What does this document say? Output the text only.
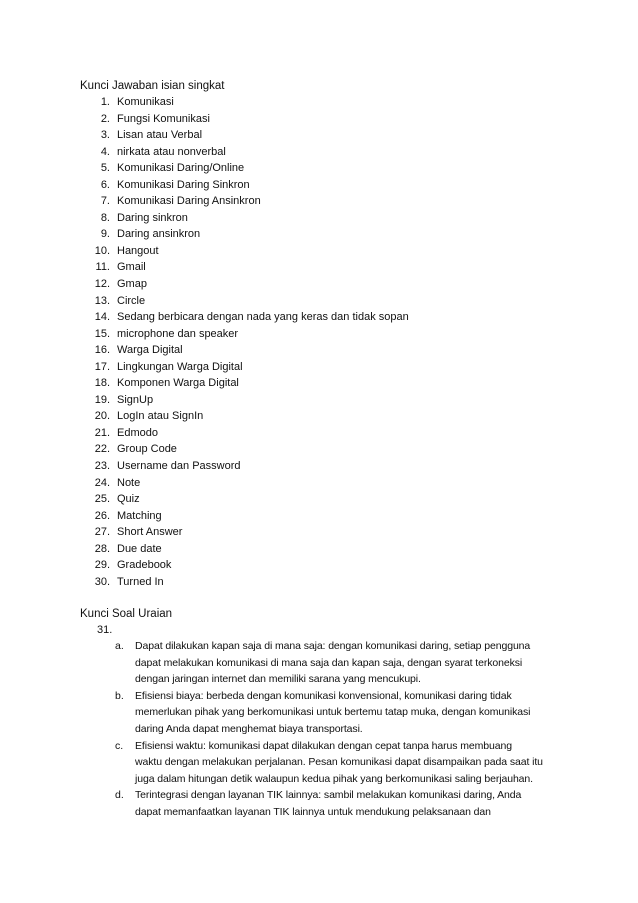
Kunci Jawaban isian singkat
1. Komunikasi
2. Fungsi Komunikasi
3. Lisan atau Verbal
4. nirkata atau nonverbal
5. Komunikasi Daring/Online
6. Komunikasi Daring Sinkron
7. Komunikasi Daring Ansinkron
8. Daring sinkron
9. Daring ansinkron
10. Hangout
11. Gmail
12. Gmap
13. Circle
14. Sedang berbicara dengan nada yang keras dan tidak sopan
15. microphone dan speaker
16. Warga Digital
17. Lingkungan Warga Digital
18. Komponen Warga Digital
19. SignUp
20. LogIn atau SignIn
21. Edmodo
22. Group Code
23. Username dan Password
24. Note
25. Quiz
26. Matching
27. Short Answer
28. Due date
29. Gradebook
30. Turned In
Kunci Soal Uraian
31.
a.	Dapat dilakukan kapan saja di mana saja: dengan komunikasi daring, setiap pengguna
dapat melakukan komunikasi di mana saja dan kapan saja, dengan syarat terkoneksi
dengan jaringan internet dan memiliki sarana yang mencukupi.
b.	Efisiensi biaya: berbeda dengan komunikasi konvensional, komunikasi daring tidak
memerlukan pihak yang berkomunikasi untuk bertemu tatap muka, dengan komunikasi
daring Anda dapat menghemat biaya transportasi.
c.	Efisiensi waktu: komunikasi dapat dilakukan dengan cepat tanpa harus membuang
waktu dengan melakukan perjalanan. Pesan komunikasi dapat disampaikan pada saat itu
juga dalam hitungan detik walaupun kedua pihak yang berkomunikasi saling berjauhan.
d.	Terintegrasi dengan layanan TIK lainnya: sambil melakukan komunikasi daring, Anda
dapat memanfaatkan layanan TIK lainnya untuk mendukung pelaksanaan dan
